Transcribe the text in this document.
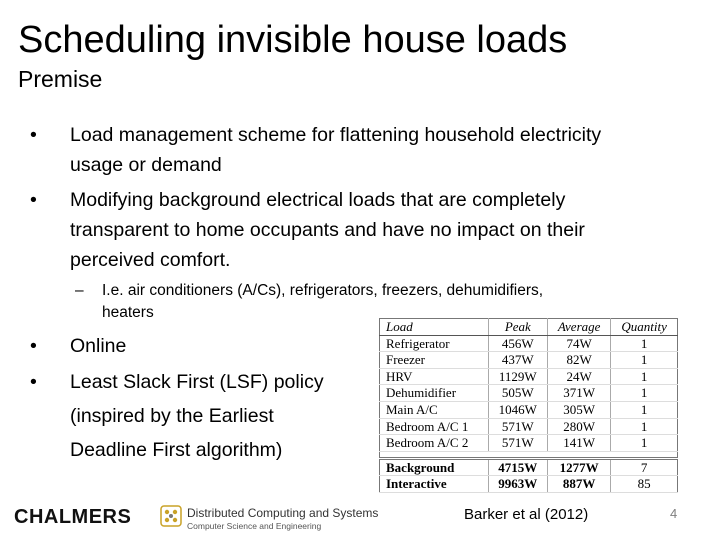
Scheduling invisible house loads
Premise
• Load management scheme for flattening household electricity
usage or demand
• Modifying background electrical loads that are completely
transparent to home occupants and have no impact on their
perceived comfort.
– I.e. air conditioners (A/Cs), refrigerators, freezers, dehumidifiers,
heaters
• Online
• Least Slack First (LSF) policy
(inspired by the Earliest
Deadline First algorithm)
Load	Peak	Average	Quantity
Refrigerator	456W	74W	1
Freezer	437W	82W	1
HRV	1129W	24W	1
Dehumidifier	505W	371W	1
Main A/C	1046W	305W	1
Bedroom A/C 1	571W	280W	1
Bedroom A/C 2	571W	141W	1

Background	4715W	1277W	7
Interactive	9963W	887W	85
CHALMERS	Distributed Computing and Systems
Computer Science and Engineering
Barker et al (2012)	4
